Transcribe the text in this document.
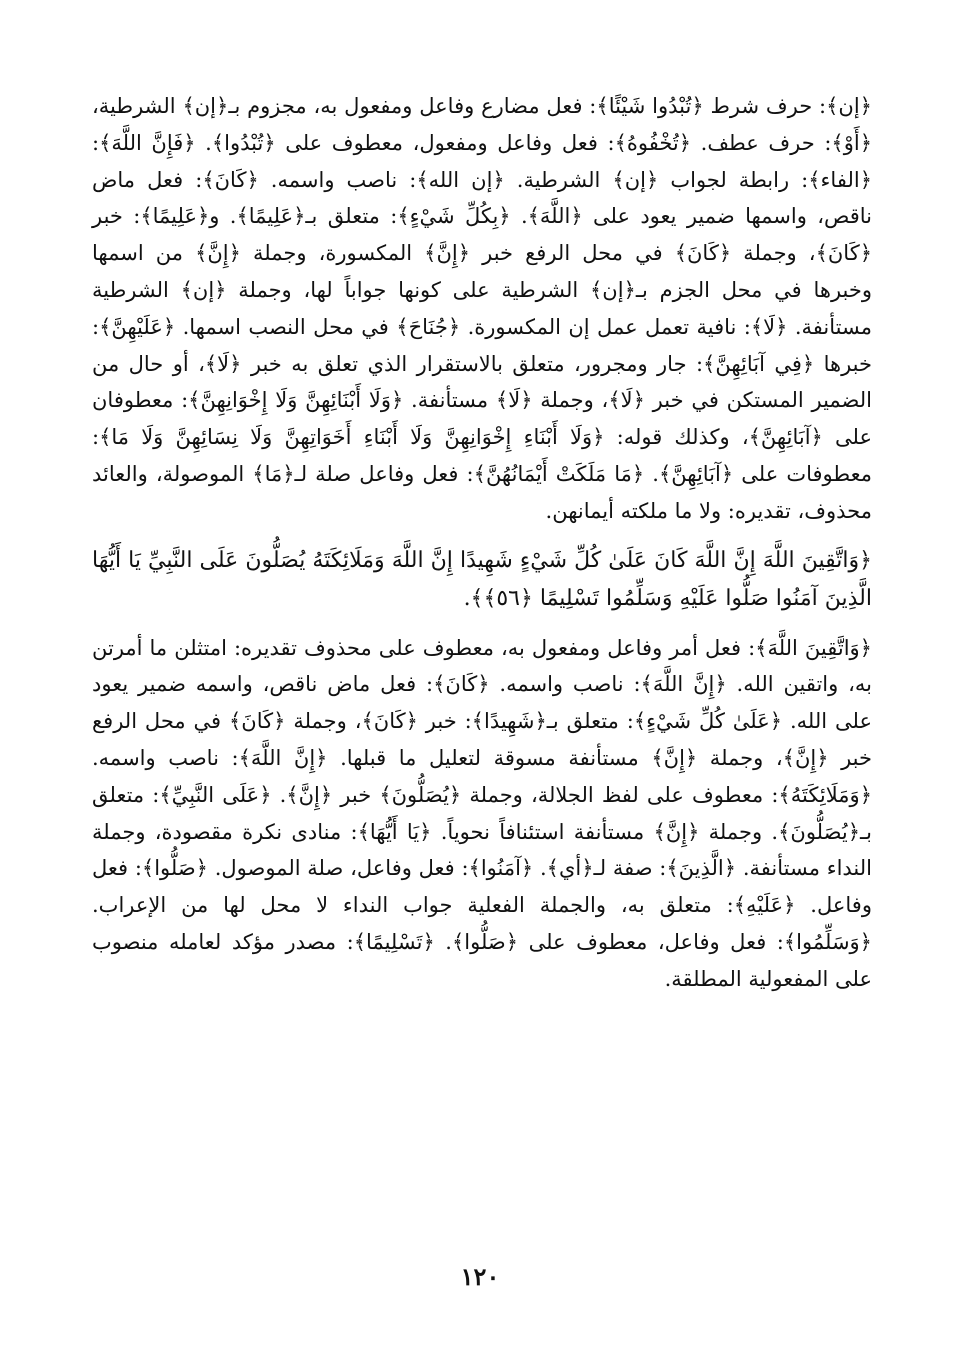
﴿إن﴾: حرف شرط ﴿تُبْدُوا شَيْئًا﴾: فعل مضارع وفاعل ومفعول به، مجزوم بـ﴿إن﴾ الشرطية، ﴿أَوْ﴾: حرف عطف. ﴿تُخْفُوهُ﴾: فعل وفاعل ومفعول، معطوف على ﴿تُبْدُوا﴾. ﴿فَإِنَّ اللَّهَ﴾: ﴿الفاء﴾: رابطة لجواب ﴿إن﴾ الشرطية. ﴿إن الله﴾: ناصب واسمه. ﴿كَانَ﴾: فعل ماض ناقص، واسمها ضمير يعود على ﴿اللَّهَ﴾. ﴿بِكُلِّ شَيْءٍ﴾: متعلق بـ﴿عَلِيمًا﴾. و﴿عَلِيمًا﴾: خبر ﴿كَانَ﴾، وجملة ﴿كَانَ﴾ في محل الرفع خبر ﴿إِنَّ﴾ المكسورة، وجملة ﴿إِنَّ﴾ من اسمها وخبرها في محل الجزم بـ﴿إن﴾ الشرطية على كونها جواباً لها، وجملة ﴿إن﴾ الشرطية مستأنفة. ﴿لَا﴾: نافية تعمل عمل إن المكسورة. ﴿جُنَاحَ﴾ في محل النصب اسمها. ﴿عَلَيْهِنَّ﴾: خبرها ﴿فِي آبَائِهِنَّ﴾: جار ومجرور، متعلق بالاستقرار الذي تعلق به خبر ﴿لَا﴾، أو حال من الضمير المستكن في خبر ﴿لَا﴾، وجملة ﴿لَا﴾ مستأنفة. ﴿وَلَا أَبْنَائِهِنَّ وَلَا إِخْوَانِهِنَّ﴾: معطوفان على ﴿آبَائِهِنَّ﴾، وكذلك قوله: ﴿وَلَا أَبْنَاءِ إِخْوَانِهِنَّ وَلَا أَبْنَاءِ أَخَوَاتِهِنَّ وَلَا نِسَائِهِنَّ وَلَا مَا﴾: معطوفات على ﴿آبَائِهِنَّ﴾. ﴿مَا مَلَكَتْ أَيْمَانُهُنَّ﴾: فعل وفاعل صلة لـ﴿مَا﴾ الموصولة، والعائد محذوف، تقديره: ولا ما ملكته أيمانهن.

﴿وَاتَّقِينَ اللَّهَ إِنَّ اللَّهَ كَانَ عَلَىٰ كُلِّ شَيْءٍ شَهِيدًا إِنَّ اللَّهَ وَمَلَائِكَتَهُ يُصَلُّونَ عَلَى النَّبِيِّ يَا أَيُّهَا الَّذِينَ آمَنُوا صَلُّوا عَلَيْهِ وَسَلِّمُوا تَسْلِيمًا ﴿٥٦﴾﴾.

﴿وَاتَّقِينَ اللَّهَ﴾: فعل أمر وفاعل ومفعول به، معطوف على محذوف تقديره: امتثلن ما أمرتن به، واتقين الله. ﴿إِنَّ اللَّهَ﴾: ناصب واسمه. ﴿كَانَ﴾: فعل ماض ناقص، واسمه ضمير يعود على الله. ﴿عَلَىٰ كُلِّ شَيْءٍ﴾: متعلق بـ﴿شَهِيدًا﴾: خبر ﴿كَانَ﴾، وجملة ﴿كَانَ﴾ في محل الرفع خبر ﴿إِنَّ﴾، وجملة ﴿إِنَّ﴾ مستأنفة مسوقة لتعليل ما قبلها. ﴿إِنَّ اللَّهَ﴾: ناصب واسمه. ﴿وَمَلَائِكَتَهُ﴾: معطوف على لفظ الجلالة، وجملة ﴿يُصَلُّونَ﴾ خبر ﴿إِنَّ﴾. ﴿عَلَى النَّبِيِّ﴾: متعلق بـ﴿يُصَلُّونَ﴾. وجملة ﴿إِنَّ﴾ مستأنفة استئنافاً نحوياً. ﴿يَا أَيُّهَا﴾: منادى نكرة مقصودة، وجملة النداء مستأنفة. ﴿الَّذِينَ﴾: صفة لـ﴿أي﴾. ﴿آمَنُوا﴾: فعل وفاعل، صلة الموصول. ﴿صَلُّوا﴾: فعل وفاعل. ﴿عَلَيْهِ﴾: متعلق به، والجملة الفعلية جواب النداء لا محل لها من الإعراب. ﴿وَسَلِّمُوا﴾: فعل وفاعل، معطوف على ﴿صَلُّوا﴾. ﴿تَسْلِيمًا﴾: مصدر مؤكد لعامله منصوب على المفعولية المطلقة.

١٢٠
